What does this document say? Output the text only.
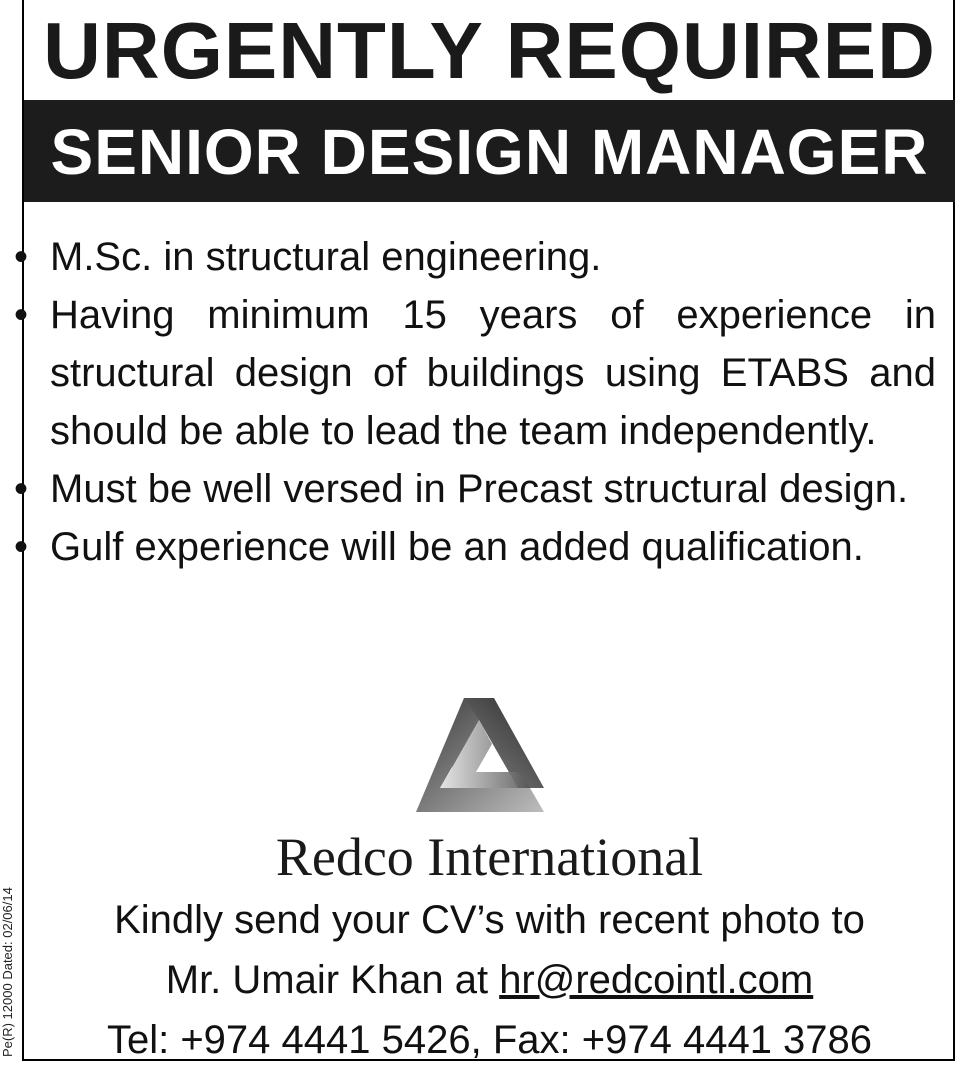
URGENTLY REQUIRED
SENIOR DESIGN MANAGER
• M.Sc. in structural engineering.
• Having minimum 15 years of experience in structural design of buildings using ETABS and should be able to lead the team independently.
• Must be well versed in Precast structural design.
• Gulf experience will be an added qualification.
Redco International
Kindly send your CV’s with recent photo to
Mr. Umair Khan at hr@redcointl.com
Tel: +974 4441 5426, Fax: +974 4441 3786
Pe(R) 12000 Dated: 02/06/14
